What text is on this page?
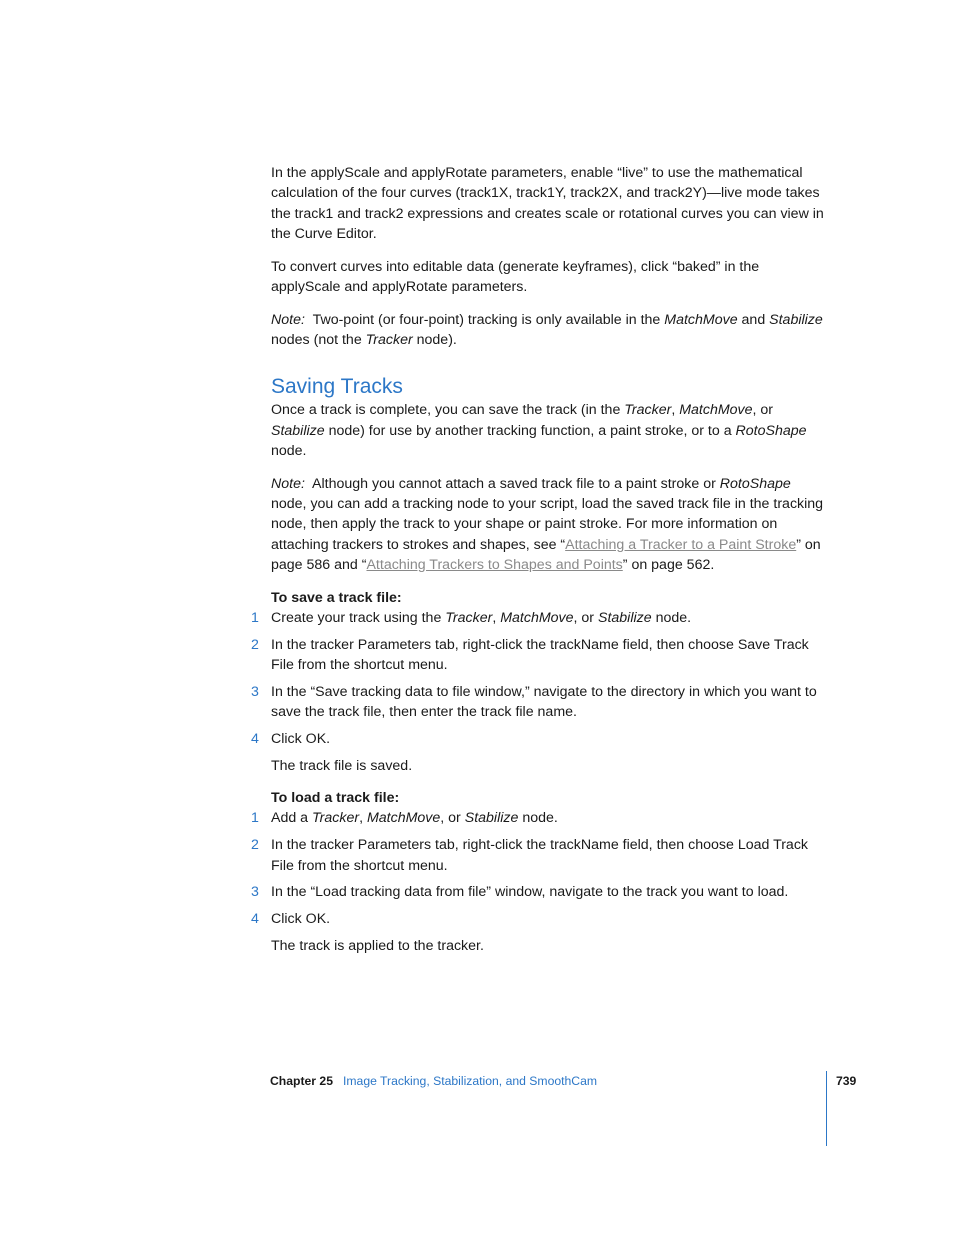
In the applyScale and applyRotate parameters, enable “live” to use the mathematical calculation of the four curves (track1X, track1Y, track2X, and track2Y)—live mode takes the track1 and track2 expressions and creates scale or rotational curves you can view in the Curve Editor.

To convert curves into editable data (generate keyframes), click “baked” in the applyScale and applyRotate parameters.

Note: Two-point (or four-point) tracking is only available in the MatchMove and Stabilize nodes (not the Tracker node).

Saving Tracks

Once a track is complete, you can save the track (in the Tracker, MatchMove, or Stabilize node) for use by another tracking function, a paint stroke, or to a RotoShape node.

Note: Although you cannot attach a saved track file to a paint stroke or RotoShape node, you can add a tracking node to your script, load the saved track file in the tracking node, then apply the track to your shape or paint stroke. For more information on attaching trackers to strokes and shapes, see “Attaching a Tracker to a Paint Stroke” on page 586 and “Attaching Trackers to Shapes and Points” on page 562.

To save a track file:

1 Create your track using the Tracker, MatchMove, or Stabilize node.
2 In the tracker Parameters tab, right-click the trackName field, then choose Save Track File from the shortcut menu.
3 In the “Save tracking data to file window,” navigate to the directory in which you want to save the track file, then enter the track file name.
4 Click OK.

The track file is saved.

To load a track file:

1 Add a Tracker, MatchMove, or Stabilize node.
2 In the tracker Parameters tab, right-click the trackName field, then choose Load Track File from the shortcut menu.
3 In the “Load tracking data from file” window, navigate to the track you want to load.
4 Click OK.

The track is applied to the tracker.

Chapter 25 Image Tracking, Stabilization, and SmoothCam	739
